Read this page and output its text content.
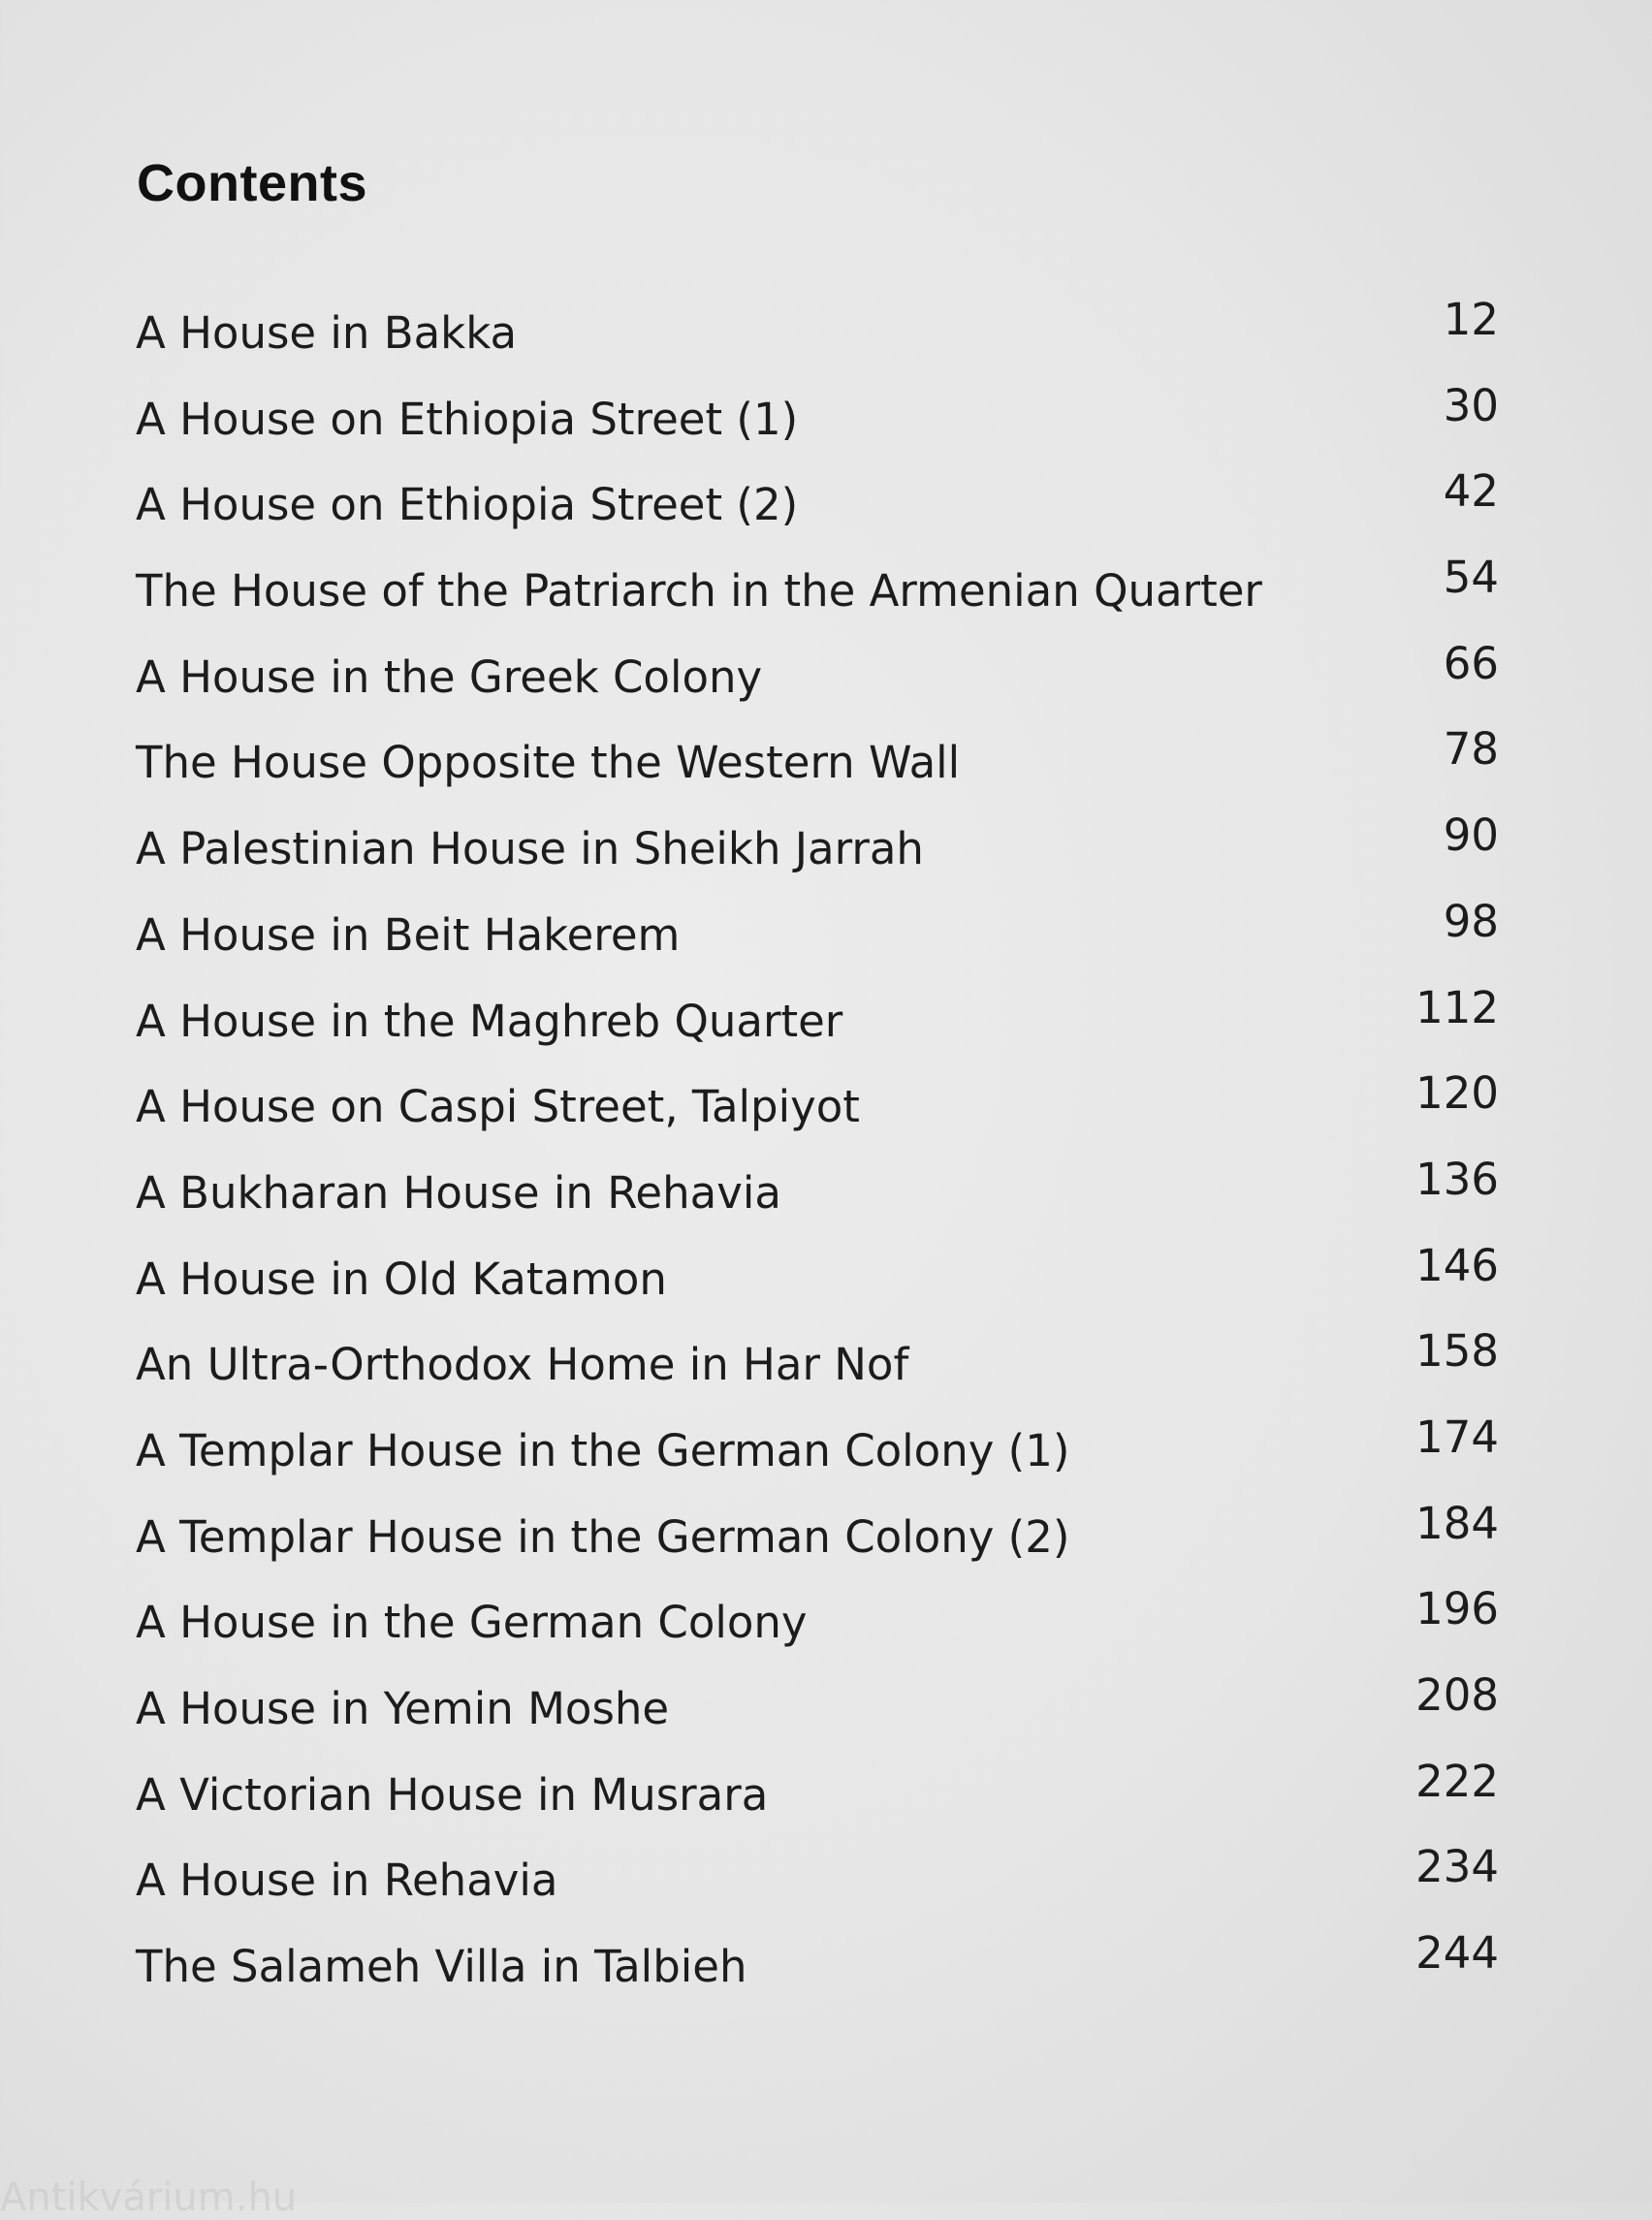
Contents
A House in Bakka	12
A House on Ethiopia Street (1)	30
A House on Ethiopia Street (2)	42
The House of the Patriarch in the Armenian Quarter	54
A House in the Greek Colony	66
The House Opposite the Western Wall	78
A Palestinian House in Sheikh Jarrah	90
A House in Beit Hakerem	98
A House in the Maghreb Quarter	112
A House on Caspi Street, Talpiyot	120
A Bukharan House in Rehavia	136
A House in Old Katamon	146
An Ultra-Orthodox Home in Har Nof	158
A Templar House in the German Colony (1)	174
A Templar House in the German Colony (2)	184
A House in the German Colony	196
A House in Yemin Moshe	208
A Victorian House in Musrara	222
A House in Rehavia	234
The Salameh Villa in Talbieh	244
Antikvárium.hu
